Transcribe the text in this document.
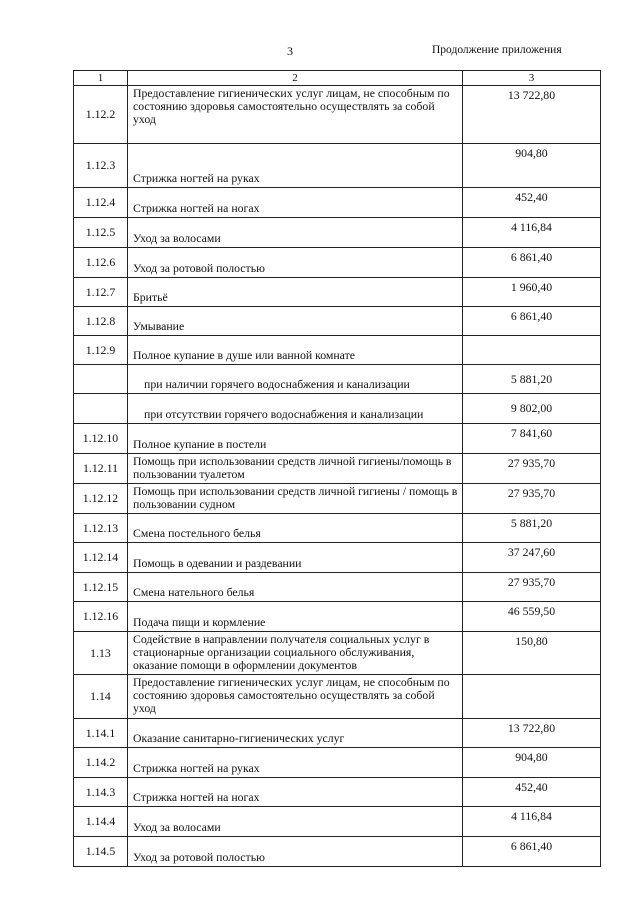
3	Продолжение приложения
1	2	3
1.12.2	Предоставление гигиенических услуг лицам, не способным по состоянию здоровья самостоятельно осуществлять за собой уход	13 722,80
1.12.3	Стрижка ногтей на руках	904,80
1.12.4	Стрижка ногтей на ногах	452,40
1.12.5	Уход за волосами	4 116,84
1.12.6	Уход за ротовой полостью	6 861,40
1.12.7	Бритьё	1 960,40
1.12.8	Умывание	6 861,40
1.12.9	Полное купание в душе или ванной комнате	
	при наличии горячего водоснабжения и канализации	5 881,20
	при отсутствии горячего водоснабжения и канализации	9 802,00
1.12.10	Полное купание в постели	7 841,60
1.12.11	Помощь при использовании средств личной гигиены/помощь в пользовании туалетом	27 935,70
1.12.12	Помощь при использовании средств личной гигиены / помощь в пользовании судном	27 935,70
1.12.13	Смена постельного белья	5 881,20
1.12.14	Помощь в одевании и раздевании	37 247,60
1.12.15	Смена нательного белья	27 935,70
1.12.16	Подача пищи и кормление	46 559,50
1.13	Содействие в направлении получателя социальных услуг в стационарные организации социального обслуживания, оказание помощи в оформлении документов	150,80
1.14	Предоставление гигиенических услуг лицам, не способным по состоянию здоровья самостоятельно осуществлять за собой уход	
1.14.1	Оказание санитарно-гигиенических услуг	13 722,80
1.14.2	Стрижка ногтей на руках	904,80
1.14.3	Стрижка ногтей на ногах	452,40
1.14.4	Уход за волосами	4 116,84
1.14.5	Уход за ротовой полостью	6 861,40
